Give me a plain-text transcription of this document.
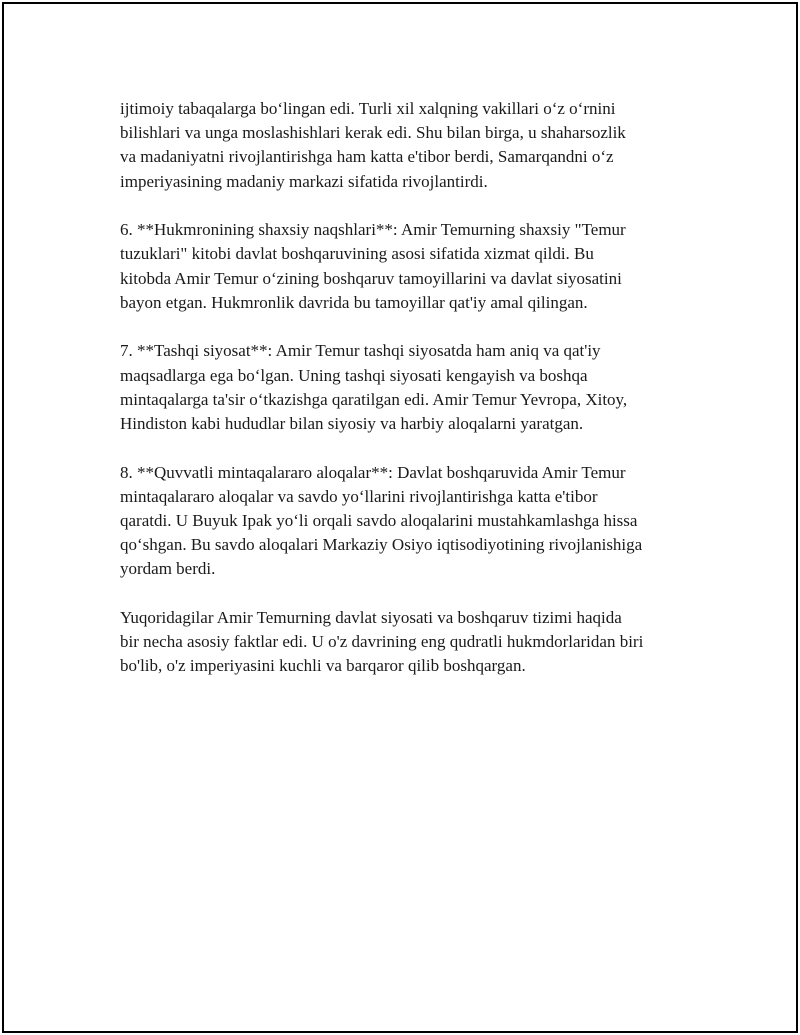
ijtimoiy tabaqalarga bo‘lingan edi. Turli xil xalqning vakillari o‘z o‘rnini
bilishlari va unga moslashishlari kerak edi. Shu bilan birga, u shaharsozlik
va madaniyatni rivojlantirishga ham katta e'tibor berdi, Samarqandni o‘z
imperiyasining madaniy markazi sifatida rivojlantirdi.

6. **Hukmronining shaxsiy naqshlari**: Amir Temurning shaxsiy "Temur
tuzuklari" kitobi davlat boshqaruvining asosi sifatida xizmat qildi. Bu
kitobda Amir Temur o‘zining boshqaruv tamoyillarini va davlat siyosatini
bayon etgan. Hukmronlik davrida bu tamoyillar qat'iy amal qilingan.

7. **Tashqi siyosat**: Amir Temur tashqi siyosatda ham aniq va qat'iy
maqsadlarga ega bo‘lgan. Uning tashqi siyosati kengayish va boshqa
mintaqalarga ta'sir o‘tkazishga qaratilgan edi. Amir Temur Yevropa, Xitoy,
Hindiston kabi hududlar bilan siyosiy va harbiy aloqalarni yaratgan.

8. **Quvvatli mintaqalararo aloqalar**: Davlat boshqaruvida Amir Temur
mintaqalararo aloqalar va savdo yo‘llarini rivojlantirishga katta e'tibor
qaratdi. U Buyuk Ipak yo‘li orqali savdo aloqalarini mustahkamlashga hissa
qo‘shgan. Bu savdo aloqalari Markaziy Osiyo iqtisodiyotining rivojlanishiga
yordam berdi.

Yuqoridagilar Amir Temurning davlat siyosati va boshqaruv tizimi haqida
bir necha asosiy faktlar edi. U o'z davrining eng qudratli hukmdorlaridan biri
bo'lib, o'z imperiyasini kuchli va barqaror qilib boshqargan.
